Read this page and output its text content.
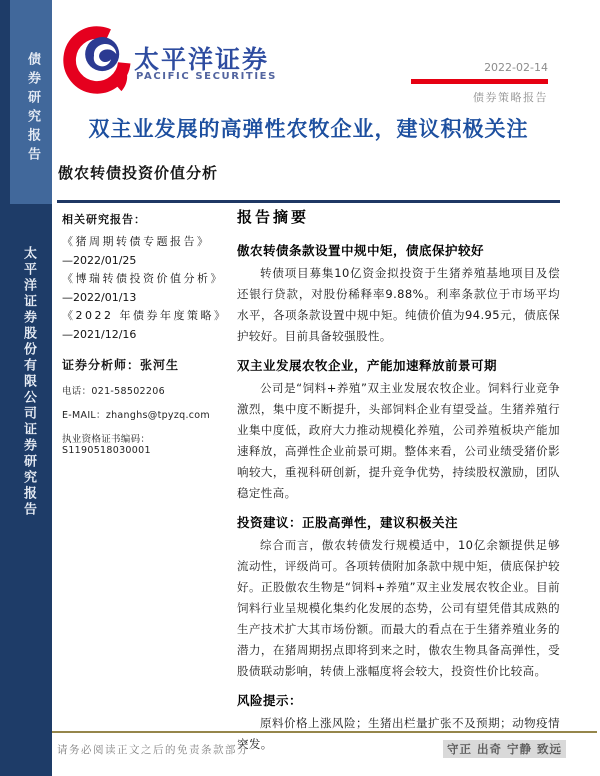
债券研究报告
太平洋证券股份有限公司证券研究报告
太平洋证券
PACIFIC SECURITIES
2022-02-14
债券策略报告
双主业发展的高弹性农牧企业，建议积极关注
傲农转债投资价值分析
相关研究报告：
《猪周期转债专题报告》
—2022/01/25
《博瑞转债投资价值分析》
—2022/01/13
《2022 年债券年度策略》
—2021/12/16
证券分析师：张河生
电话：021-58502206
E-MAIL：zhanghs@tpyzq.com
执业资格证书编码：S1190518030001
报告摘要
傲农转债条款设置中规中矩，债底保护较好

转债项目募集10亿资金拟投资于生猪养殖基地项目及偿还银行贷款，对股份稀释率9.88%。利率条款位于市场平均水平，各项条款设置中规中矩。纯债价值为94.95元，债底保护较好。目前具备较强股性。

双主业发展农牧企业，产能加速释放前景可期

公司是“饲料+养殖”双主业发展农牧企业。饲料行业竞争激烈，集中度不断提升，头部饲料企业有望受益。生猪养殖行业集中度低，政府大力推动规模化养殖，公司养殖板块产能加速释放，高弹性企业前景可期。整体来看，公司业绩受猪价影响较大，重视科研创新，提升竞争优势，持续股权激励，团队稳定性高。

投资建议：正股高弹性，建议积极关注

综合而言，傲农转债发行规模适中，10亿余额提供足够流动性，评级尚可。各项转债附加条款中规中矩，债底保护较好。正股傲农生物是“饲料+养殖”双主业发展农牧企业。目前饲料行业呈规模化集约化发展的态势，公司有望凭借其成熟的生产技术扩大其市场份额。而最大的看点在于生猪养殖业务的潜力，在猪周期拐点即将到来之时，傲农生物具备高弹性，受股债联动影响，转债上涨幅度将会较大，投资性价比较高。

风险提示：

原料价格上涨风险；生猪出栏量扩张不及预期；动物疫情突发。

请务必阅读正文之后的免责条款部分	守正 出奇 宁静 致远
